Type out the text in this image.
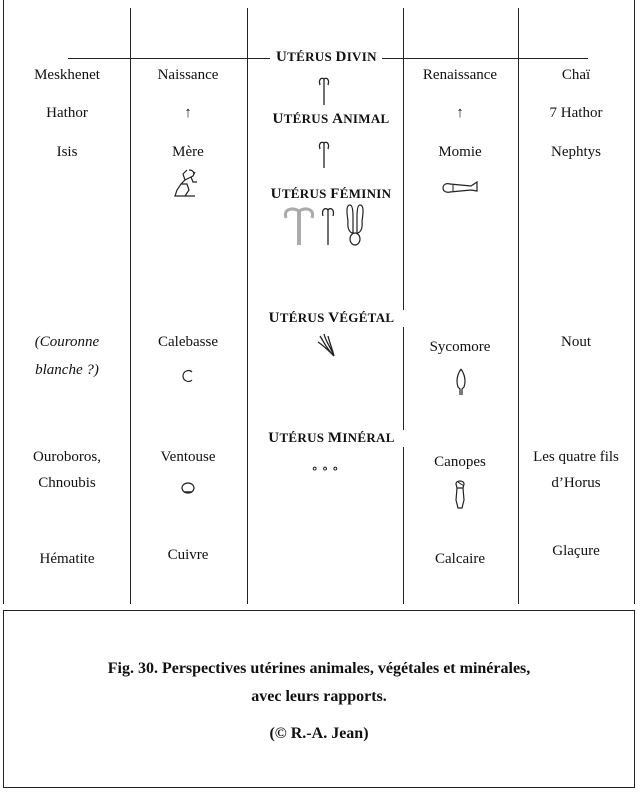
UTÉRUS DIVIN
UTÉRUS ANIMAL
UTÉRUS FÉMININ
UTÉRUS VÉGÉTAL
UTÉRUS MINÉRAL
∘ ∘ ∘
Meskhenet
Hathor
Isis
(Couronne
blanche ?)
Ouroboros,
Chnoubis
Hématite
Naissance
↑
Mère
Calebasse
Ventouse
Cuivre
Renaissance
↑
Momie
Sycomore
Canopes
Calcaire
Chaï
7 Hathor
Nephtys
Nout
Les quatre fils
d’Horus
Glaçure
Fig. 30. Perspectives utérines animales, végétales et minérales,
avec leurs rapports.
(© R.-A. Jean)
